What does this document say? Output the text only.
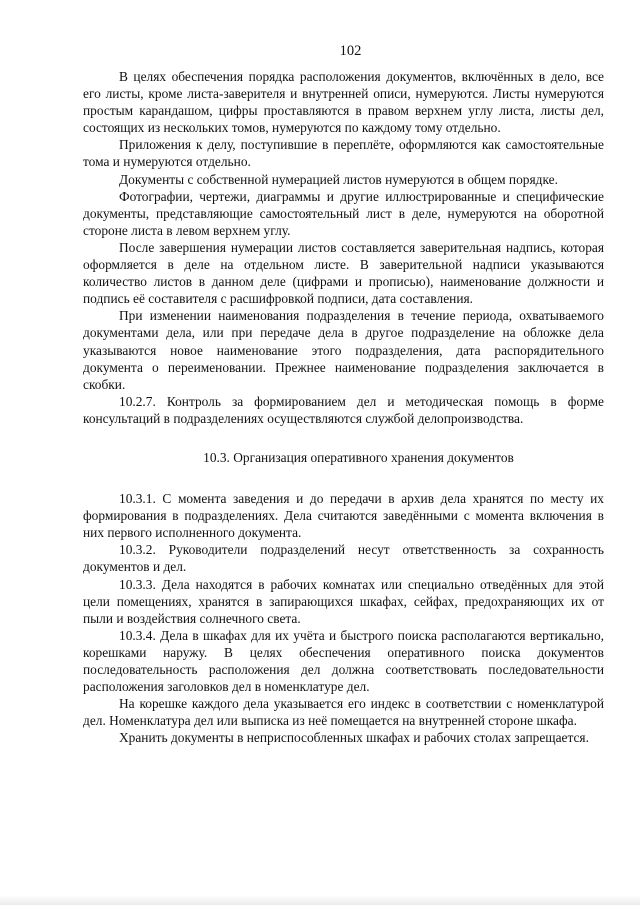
102

В целях обеспечения порядка расположения документов, включённых в дело, все его листы, кроме листа-заверителя и внутренней описи, нумеруются. Листы нумеруются простым карандашом, цифры проставляются в правом верхнем углу листа, листы дел, состоящих из нескольких томов, нумеруются по каждому тому отдельно.

Приложения к делу, поступившие в переплёте, оформляются как самостоятельные тома и нумеруются отдельно.

Документы с собственной нумерацией листов нумеруются в общем порядке.

Фотографии, чертежи, диаграммы и другие иллюстрированные и специфические документы, представляющие самостоятельный лист в деле, нумеруются на оборотной стороне листа в левом верхнем углу.

После завершения нумерации листов составляется заверительная надпись, которая оформляется в деле на отдельном листе. В заверительной надписи указываются количество листов в данном деле (цифрами и прописью), наименование должности и подпись её составителя с расшифровкой подписи, дата составления.

При изменении наименования подразделения в течение периода, охватываемого документами дела, или при передаче дела в другое подразделение на обложке дела указываются новое наименование этого подразделения, дата распорядительного документа о переименовании. Прежнее наименование подразделения заключается в скобки.

10.2.7. Контроль за формированием дел и методическая помощь в форме консультаций в подразделениях осуществляются службой делопроизводства.

10.3. Организация оперативного хранения документов

10.3.1. С момента заведения и до передачи в архив дела хранятся по месту их формирования в подразделениях. Дела считаются заведёнными с момента включения в них первого исполненного документа.

10.3.2. Руководители подразделений несут ответственность за сохранность документов и дел.

10.3.3. Дела находятся в рабочих комнатах или специально отведённых для этой цели помещениях, хранятся в запирающихся шкафах, сейфах, предохраняющих их от пыли и воздействия солнечного света.

10.3.4. Дела в шкафах для их учёта и быстрого поиска располагаются вертикально, корешками наружу. В целях обеспечения оперативного поиска документов последовательность расположения дел должна соответствовать последовательности расположения заголовков дел в номенклатуре дел.

На корешке каждого дела указывается его индекс в соответствии с номенклатурой дел. Номенклатура дел или выписка из неё помещается на внутренней стороне шкафа.

Хранить документы в неприспособленных шкафах и рабочих столах запрещается.
